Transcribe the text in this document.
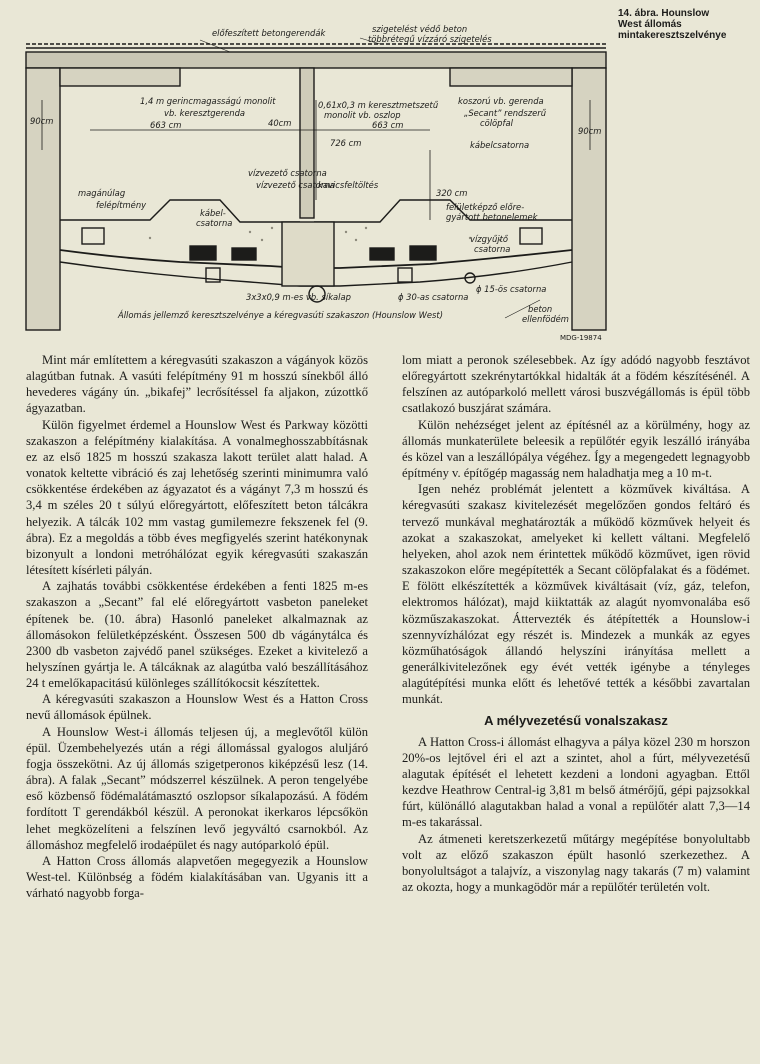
előfeszített betongerendák	szigetelést védő beton
többrétegű vízzáró szigetelés
1,4 m gerincmagasságú monolit
vb. keresztgerenda
663 cm
0,61x0,3 m keresztmetszetű
monolit vb. oszlop
40cm	663 cm
726 cm
koszorú vb. gerenda
„Secant” rendszerű
cölöpfal
kábelcsatorna
90cm
90cm
320 cm
vízvezető csatorna
kavicsfeltöltés
vízvezető csatorna
magánúlag
felépítmény
kábel-
csatorna
felületképző előre-
gyártott betonelemek
vízgyűjtő
csatorna
3x3x0,9 m-es vb. síkalap	ϕ 30-as csatorna
ϕ 15-ös csatorna
beton
ellenfödém
Állomás jellemző keresztszelvénye a kéregvasúti szakaszon (Hounslow West)
MDG-19874
14. ábra. Hounslow
West állomás
mintakeresztszelvénye

Mint már említettem a kéregvasúti szakaszon a vágányok közös alagútban futnak. A vasúti felépítmény 91 m hosszú sínekből álló hevederes vágány ún. „bikafej” lecrősítéssel fa aljakon, zúzottkő ágyazatban.

Külön figyelmet érdemel a Hounslow West és Parkway közötti szakaszon a felépítmény kialakítása. A vonalmeghosszabbításnak ez az első 1825 m hosszú szakasza lakott terület alatt halad. A vonatok keltette vibráció és zaj lehetőség szerinti minimumra való csökkentése érdekében az ágyazatot és a vágányt 7,3 m hosszú és 3,4 m széles 20 t súlyú előregyártott, előfeszített beton tálcákra helyezik. A tálcák 102 mm vastag gumilemezre fekszenek fel (9. ábra). Ez a megoldás a több éves megfigyelés szerint hatékonynak bizonyult a londoni metróhálózat egyik kéregvasúti szakaszán létesített kísérleti pályán.

A zajhatás további csökkentése érdekében a fenti 1825 m-es szakaszon a „Secant” fal elé előregyártott vasbeton paneleket építenek be. (10. ábra) Hasonló paneleket alkalmaznak az állomásokon felületképzésként. Összesen 500 db vágánytálca és 2300 db vasbeton zajvédő panel szükséges. Ezeket a kivitelező a helyszínen gyártja le. A tálcáknak az alagútba való beszállításához 24 t emelőkapacitású különleges szállítókocsit készítettek.

A kéregvasúti szakaszon a Hounslow West és a Hatton Cross nevű állomások épülnek.

A Hounslow West-i állomás teljesen új, a meglevőtől külön épül. Üzembehelyezés után a régi állomással gyalogos aluljáró fogja összekötni. Az új állomás szigetperonos kiképzésű lesz (14. ábra). A falak „Secant” módszerrel készülnek. A peron tengelyébe eső közbenső födémalátámasztó oszlopsor síkalapozású. A födém fordított T gerendákból készül. A peronokat ikerkaros lépcsőkön lehet megközelíteni a felszínen levő jegyváltó csarnokból. Az állomáshoz megfelelő irodaépület és nagy autóparkoló épül.

A Hatton Cross állomás alapvetően megegyezik a Hounslow West-tel. Különbség a födém kialakításában van. Ugyanis itt a várható nagyobb forga-

lom miatt a peronok szélesebbek. Az így adódó nagyobb fesztávot előregyártott szekrénytartókkal hidalták át a födém készítésénél. A felszínen az autóparkoló mellett városi buszvégállomás is épül több csatlakozó buszjárat számára.

Külön nehézséget jelent az építésnél az a körülmény, hogy az állomás munkaterülete beleesik a repülőtér egyik leszálló irányába és közel van a leszállópálya végéhez. Így a megengedett legnagyobb építmény v. építőgép magasság nem haladhatja meg a 10 m-t.

Igen nehéz problémát jelentett a közművek kiváltása. A kéregvasúti szakasz kivitelezését megelőzően gondos feltáró és tervező munkával meghatározták a működő közművek helyeit és azokat a szakaszokat, amelyeket ki kellett váltani. Megfelelő helyeken, ahol azok nem érintettek működő közművet, igen rövid szakaszokon előre megépítették a Secant cölöpfalakat és a födémet. E fölött elkészítették a közművek kiváltásait (víz, gáz, telefon, elektromos hálózat), majd kiiktatták az alagút nyomvonalába eső közműszakaszokat. Áttervezték és átépítették a Hounslow-i szennyvízhálózat egy részét is. Mindezek a munkák az egyes közműhatóságok állandó helyszíni irányítása mellett a generálkivitelezőnek egy évét vették igénybe a tényleges alagútépítési munka előtt és lehetővé tették a későbbi zavartalan munkát.

A mélyvezetésű vonalszakasz

A Hatton Cross-i állomást elhagyva a pálya közel 230 m horszon 20%-os lejtővel éri el azt a szintet, ahol a fúrt, mélyvezetésű alagutak építését el lehetett kezdeni a londoni agyagban. Ettől kezdve Heathrow Central-ig 3,81 m belső átmérőjű, gépi pajzsokkal fúrt, különálló alagutakban halad a vonal a repülőtér alatt 7,3—14 m-es takarással.

Az átmeneti keretszerkezetű műtárgy megépítése bonyolultabb volt az előző szakaszon épült hasonló szerkezethez. A bonyolultságot a talajvíz, a viszonylag nagy takarás (7 m) valamint az okozta, hogy a munkagödör már a repülőtér területén volt.
